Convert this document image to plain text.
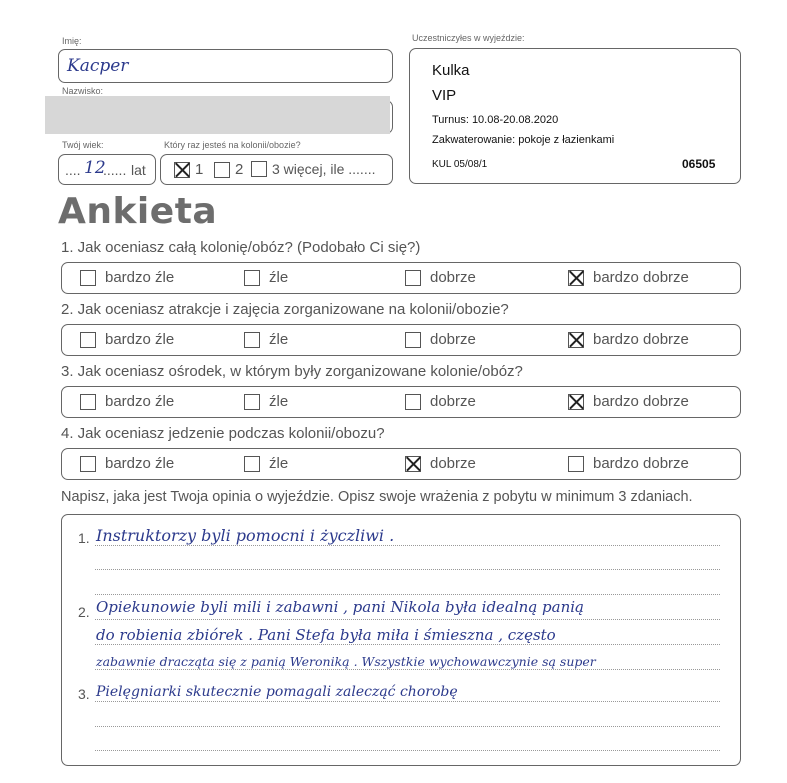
Imię:
Kacper
Nazwisko:
Twój wiek:
.... 12
...... lat
Który raz jesteś na kolonii/obozie?
1 2 3 więcej, ile .......
Uczestniczyłes w wyjeździe:
Kulka
VIP
Turnus: 10.08-20.08.2020
Zakwaterowanie: pokoje z łazienkami
KUL 05/08/1	06505
Ankieta
1. Jak oceniasz całą kolonię/obóz? (Podobało Ci się?)
bardzo źle	źle	dobrze	bardzo dobrze
2. Jak oceniasz atrakcje i zajęcia zorganizowane na kolonii/obozie?
bardzo źle	źle	dobrze	bardzo dobrze
3. Jak oceniasz ośrodek, w którym były zorganizowane kolonie/obóz?
bardzo źle	źle	dobrze	bardzo dobrze
4. Jak oceniasz jedzenie podczas kolonii/obozu?
bardzo źle	źle	dobrze	bardzo dobrze
Napisz, jaka jest Twoja opinia o wyjeździe. Opisz swoje wrażenia z pobytu w minimum 3 zdaniach.
1.
2.
3.
Instruktorzy byli pomocni i życzliwi .
Opiekunowie byli mili i zabawni , pani Nikola była idealną panią
do robienia zbiórek . Pani Stefa była miła i śmieszna , często
zabawnie dracząta się z panią Weroniką . Wszystkie wychowawczynie są super
Pielęgniarki skutecznie pomagali zalecząć chorobę
